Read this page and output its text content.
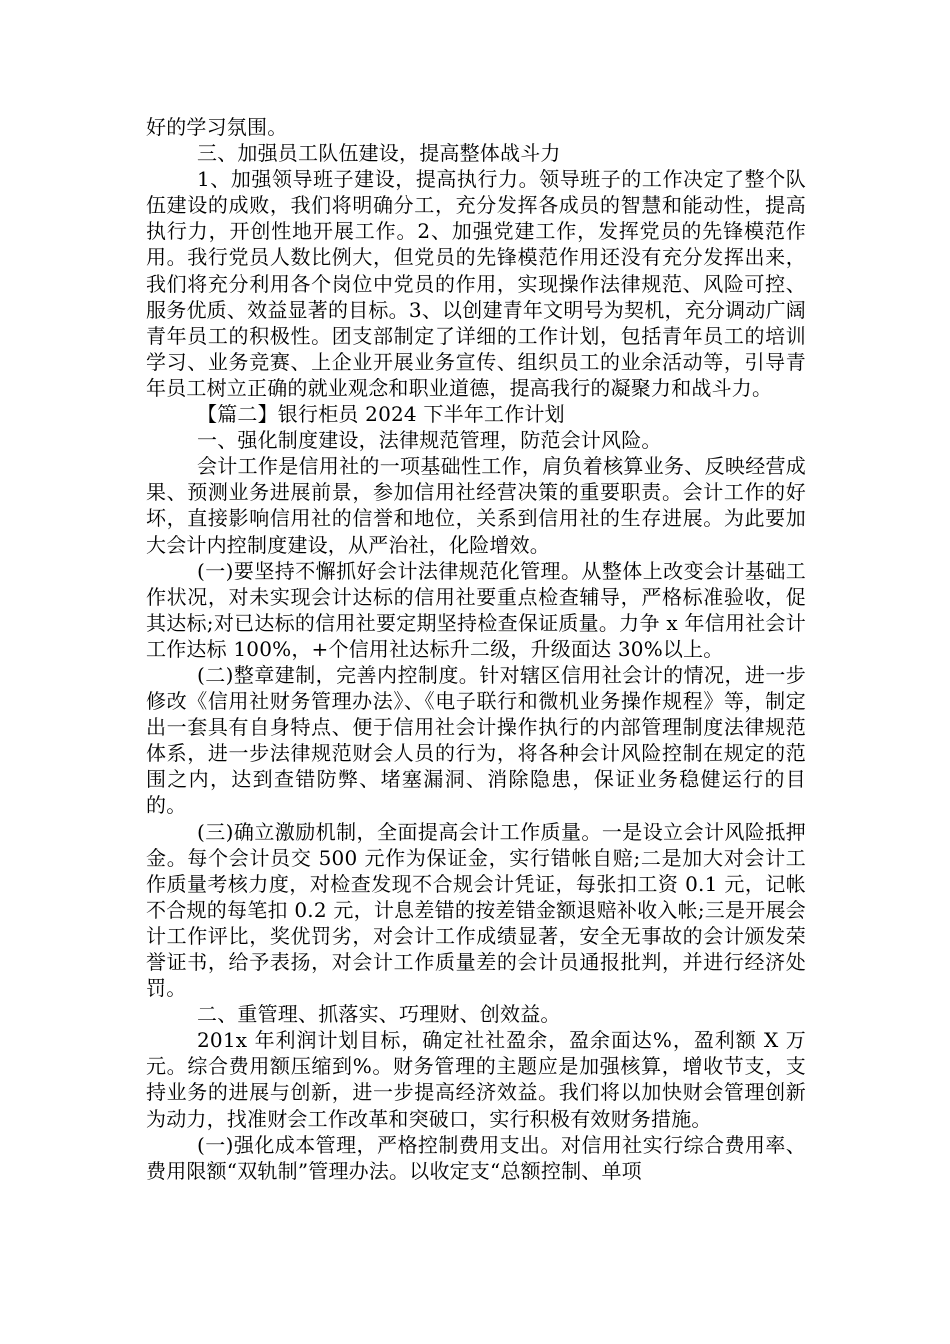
好的学习氛围。

三、加强员工队伍建设，提高整体战斗力

1、加强领导班子建设，提高执行力。领导班子的工作决定了整个队伍建设的成败，我们将明确分工，充分发挥各成员的智慧和能动性，提高执行力，开创性地开展工作。2、加强党建工作，发挥党员的先锋模范作用。我行党员人数比例大，但党员的先锋模范作用还没有充分发挥出来，我们将充分利用各个岗位中党员的作用，实现操作法律规范、风险可控、服务优质、效益显著的目标。3、以创建青年文明号为契机，充分调动广阔青年员工的积极性。团支部制定了详细的工作计划，包括青年员工的培训学习、业务竞赛、上企业开展业务宣传、组织员工的业余活动等，引导青年员工树立正确的就业观念和职业道德，提高我行的凝聚力和战斗力。

【篇二】银行柜员 2024 下半年工作计划

一、强化制度建设，法律规范管理，防范会计风险。

会计工作是信用社的一项基础性工作，肩负着核算业务、反映经营成果、预测业务进展前景，参加信用社经营决策的重要职责。会计工作的好坏，直接影响信用社的信誉和地位，关系到信用社的生存进展。为此要加大会计内控制度建设，从严治社，化险增效。

(一)要坚持不懈抓好会计法律规范化管理。从整体上改变会计基础工作状况，对未实现会计达标的信用社要重点检查辅导，严格标准验收，促其达标;对已达标的信用社要定期坚持检查保证质量。力争 x 年信用社会计工作达标 100%，+个信用社达标升二级，升级面达 30%以上。

(二)整章建制，完善内控制度。针对辖区信用社会计的情况，进一步修改《信用社财务管理办法》、《电子联行和微机业务操作规程》等，制定出一套具有自身特点、便于信用社会计操作执行的内部管理制度法律规范体系，进一步法律规范财会人员的行为，将各种会计风险控制在规定的范围之内，达到查错防弊、堵塞漏洞、消除隐患，保证业务稳健运行的目的。

(三)确立激励机制，全面提高会计工作质量。一是设立会计风险抵押金。每个会计员交 500 元作为保证金，实行错帐自赔;二是加大对会计工作质量考核力度，对检查发现不合规会计凭证，每张扣工资 0.1 元，记帐不合规的每笔扣 0.2 元，计息差错的按差错金额退赔补收入帐;三是开展会计工作评比，奖优罚劣，对会计工作成绩显著，安全无事故的会计颁发荣誉证书，给予表扬，对会计工作质量差的会计员通报批判，并进行经济处罚。

二、重管理、抓落实、巧理财、创效益。

201x 年利润计划目标，确定社社盈余，盈余面达%，盈利额 X 万元。综合费用额压缩到%。财务管理的主题应是加强核算，增收节支，支持业务的进展与创新，进一步提高经济效益。我们将以加快财会管理创新为动力，找准财会工作改革和突破口，实行积极有效财务措施。

(一)强化成本管理，严格控制费用支出。对信用社实行综合费用率、费用限额“双轨制”管理办法。以收定支“总额控制、单项
